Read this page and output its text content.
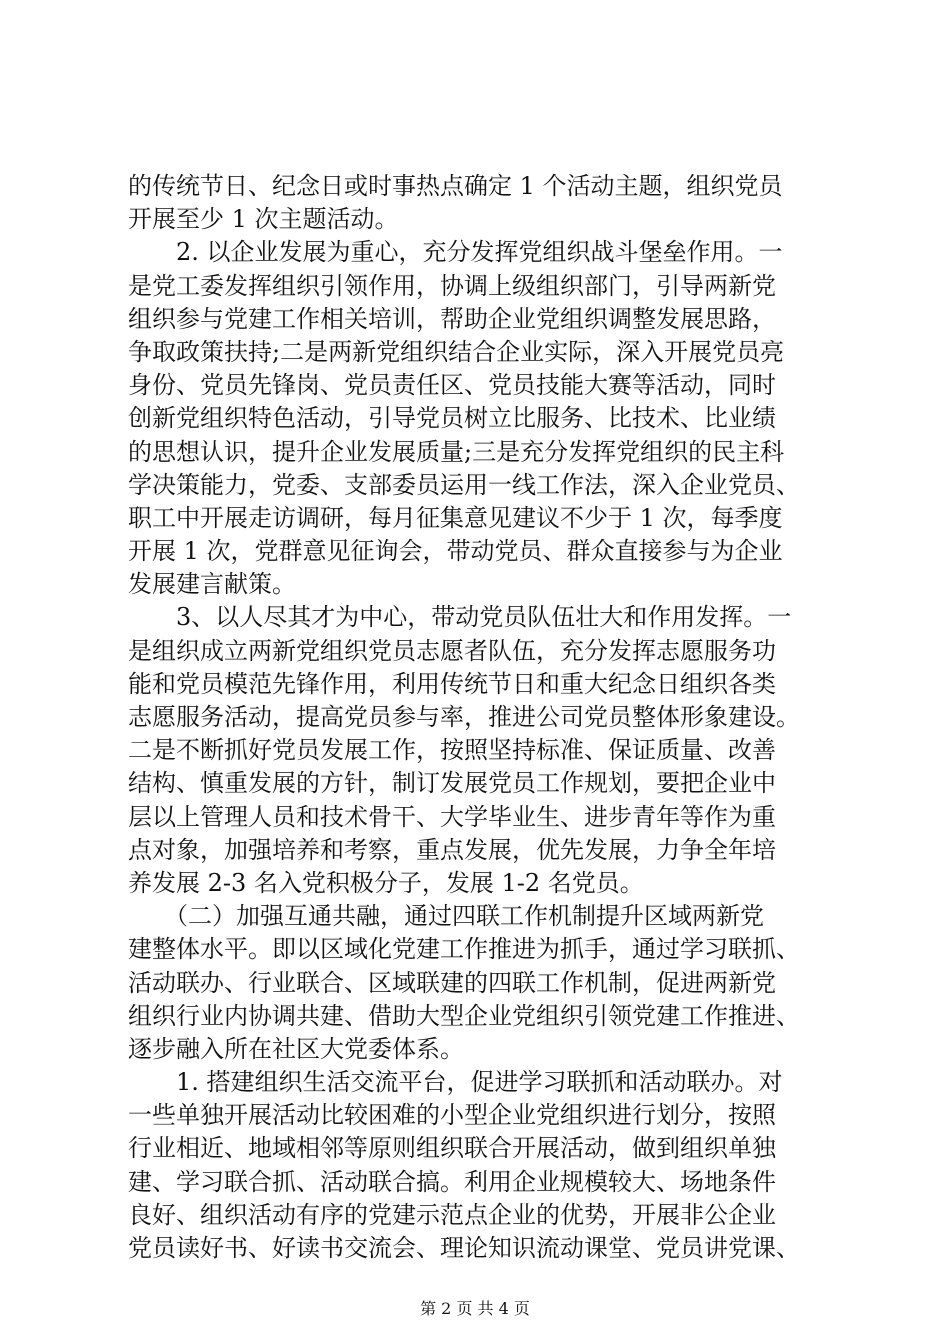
的传统节日、纪念日或时事热点确定 1 个活动主题，组织党员
开展至少 1 次主题活动。
　　2. 以企业发展为重心，充分发挥党组织战斗堡垒作用。一
是党工委发挥组织引领作用，协调上级组织部门，引导两新党
组织参与党建工作相关培训，帮助企业党组织调整发展思路，
争取政策扶持;二是两新党组织结合企业实际，深入开展党员亮
身份、党员先锋岗、党员责任区、党员技能大赛等活动，同时
创新党组织特色活动，引导党员树立比服务、比技术、比业绩
的思想认识，提升企业发展质量;三是充分发挥党组织的民主科
学决策能力，党委、支部委员运用一线工作法，深入企业党员、
职工中开展走访调研，每月征集意见建议不少于 1 次，每季度
开展 1 次，党群意见征询会，带动党员、群众直接参与为企业
发展建言献策。
　　3、以人尽其才为中心，带动党员队伍壮大和作用发挥。一
是组织成立两新党组织党员志愿者队伍，充分发挥志愿服务功
能和党员模范先锋作用，利用传统节日和重大纪念日组织各类
志愿服务活动，提高党员参与率，推进公司党员整体形象建设。
二是不断抓好党员发展工作，按照坚持标准、保证质量、改善
结构、慎重发展的方针，制订发展党员工作规划，要把企业中
层以上管理人员和技术骨干、大学毕业生、进步青年等作为重
点对象，加强培养和考察，重点发展，优先发展，力争全年培
养发展 2-3 名入党积极分子，发展 1-2 名党员。
　　（二）加强互通共融，通过四联工作机制提升区域两新党
建整体水平。即以区域化党建工作推进为抓手，通过学习联抓、
活动联办、行业联合、区域联建的四联工作机制，促进两新党
组织行业内协调共建、借助大型企业党组织引领党建工作推进、
逐步融入所在社区大党委体系。
　　1. 搭建组织生活交流平台，促进学习联抓和活动联办。对
一些单独开展活动比较困难的小型企业党组织进行划分，按照
行业相近、地域相邻等原则组织联合开展活动，做到组织单独
建、学习联合抓、活动联合搞。利用企业规模较大、场地条件
良好、组织活动有序的党建示范点企业的优势，开展非公企业
党员读好书、好读书交流会、理论知识流动课堂、党员讲党课、
第 2 页 共 4 页
